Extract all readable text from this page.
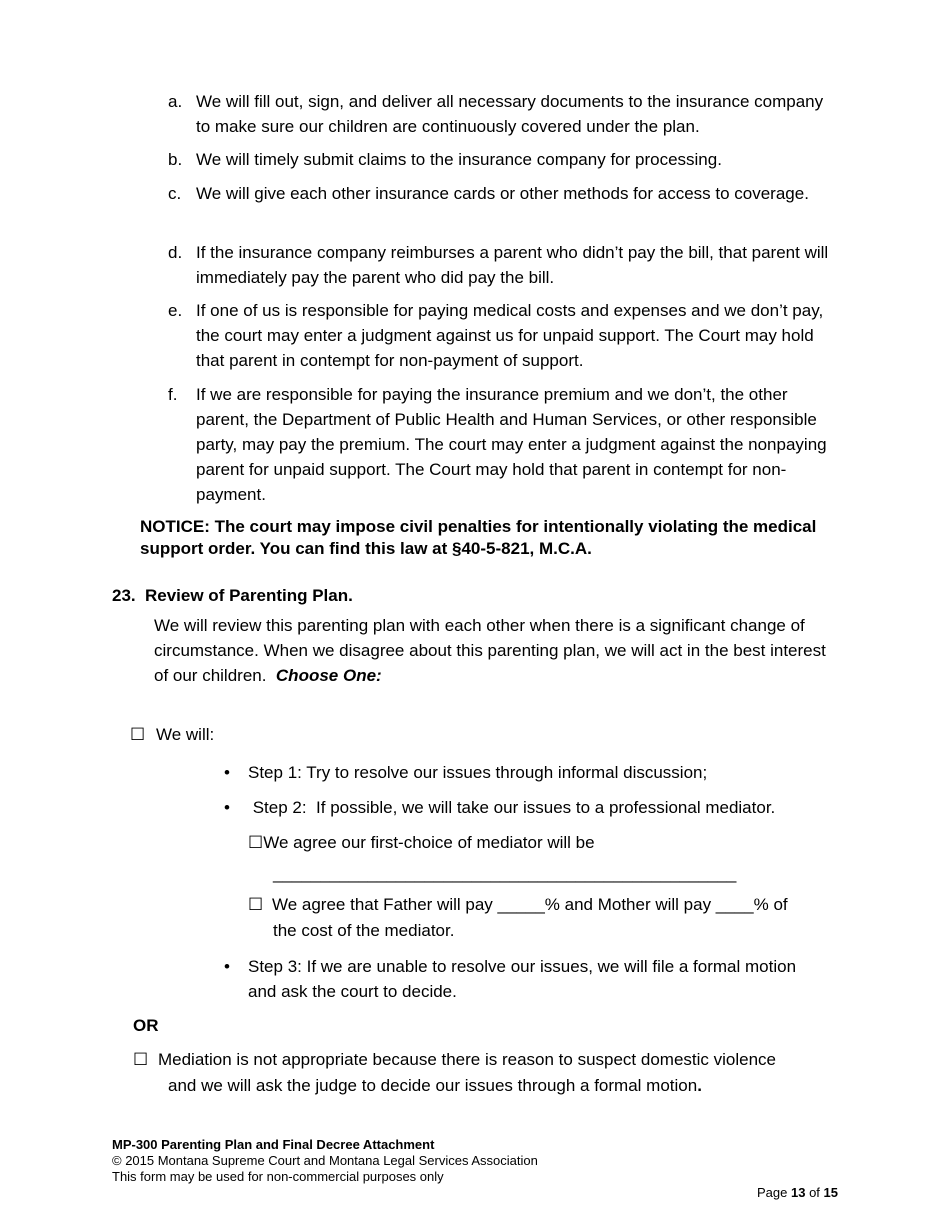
a. We will fill out, sign, and deliver all necessary documents to the insurance company to make sure our children are continuously covered under the plan.
b. We will timely submit claims to the insurance company for processing.
c. We will give each other insurance cards or other methods for access to coverage.
d. If the insurance company reimburses a parent who didn’t pay the bill, that parent will immediately pay the parent who did pay the bill.
e. If one of us is responsible for paying medical costs and expenses and we don’t pay, the court may enter a judgment against us for unpaid support. The Court may hold that parent in contempt for non-payment of support.
f.	If we are responsible for paying the insurance premium and we don’t, the other parent, the Department of Public Health and Human Services, or other responsible party, may pay the premium. The court may enter a judgment against the nonpaying parent for unpaid support. The Court may hold that parent in contempt for non-payment.
NOTICE: The court may impose civil penalties for intentionally violating the medical support order. You can find this law at §40-5-821, M.C.A.
23. Review of Parenting Plan.
We will review this parenting plan with each other when there is a significant change of circumstance. When we disagree about this parenting plan, we will act in the best interest of our children. Choose One:
☐ We will:
• Step 1: Try to resolve our issues through informal discussion;
• Step 2:  If possible, we will take our issues to a professional mediator.
☐We agree our first-choice of mediator will be
_________________________________________________
☐ We agree that Father will pay _____% and Mother will pay ____% of
the cost of the mediator.
• Step 3: If we are unable to resolve our issues, we will file a formal motion and ask the court to decide.
OR
☐ Mediation is not appropriate because there is reason to suspect domestic violence
and we will ask the judge to decide our issues through a formal motion.
MP-300 Parenting Plan and Final Decree Attachment
© 2015 Montana Supreme Court and Montana Legal Services Association
This form may be used for non-commercial purposes only
Page 13 of 15
